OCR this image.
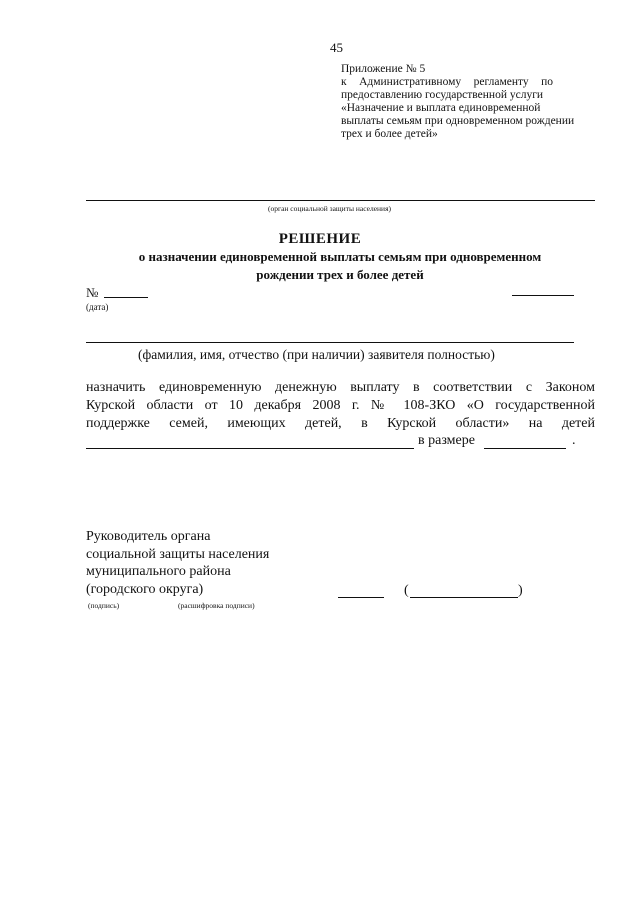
45
Приложение № 5
к Административному регламенту по
предоставлению государственной услуги
«Назначение и выплата единовременной
выплаты семьям при одновременном рождении
трех и более детей»
(орган социальной защиты населения)
РЕШЕНИЕ
о назначении единовременной выплаты семьям при одновременном
рождении трех и более детей
№
(дата)
(фамилия, имя, отчество (при наличии) заявителя полностью)
назначить единовременную денежную выплату в соответствии с Законом
Курской области от 10 декабря 2008 г. № 108-ЗКО «О государственной
поддержке семей, имеющих детей, в Курской области» на детей
в размере	.
Руководитель органа
социальной защиты населения
муниципального района
(городского округа)	(	)
(подпись)	(расшифровка подписи)
